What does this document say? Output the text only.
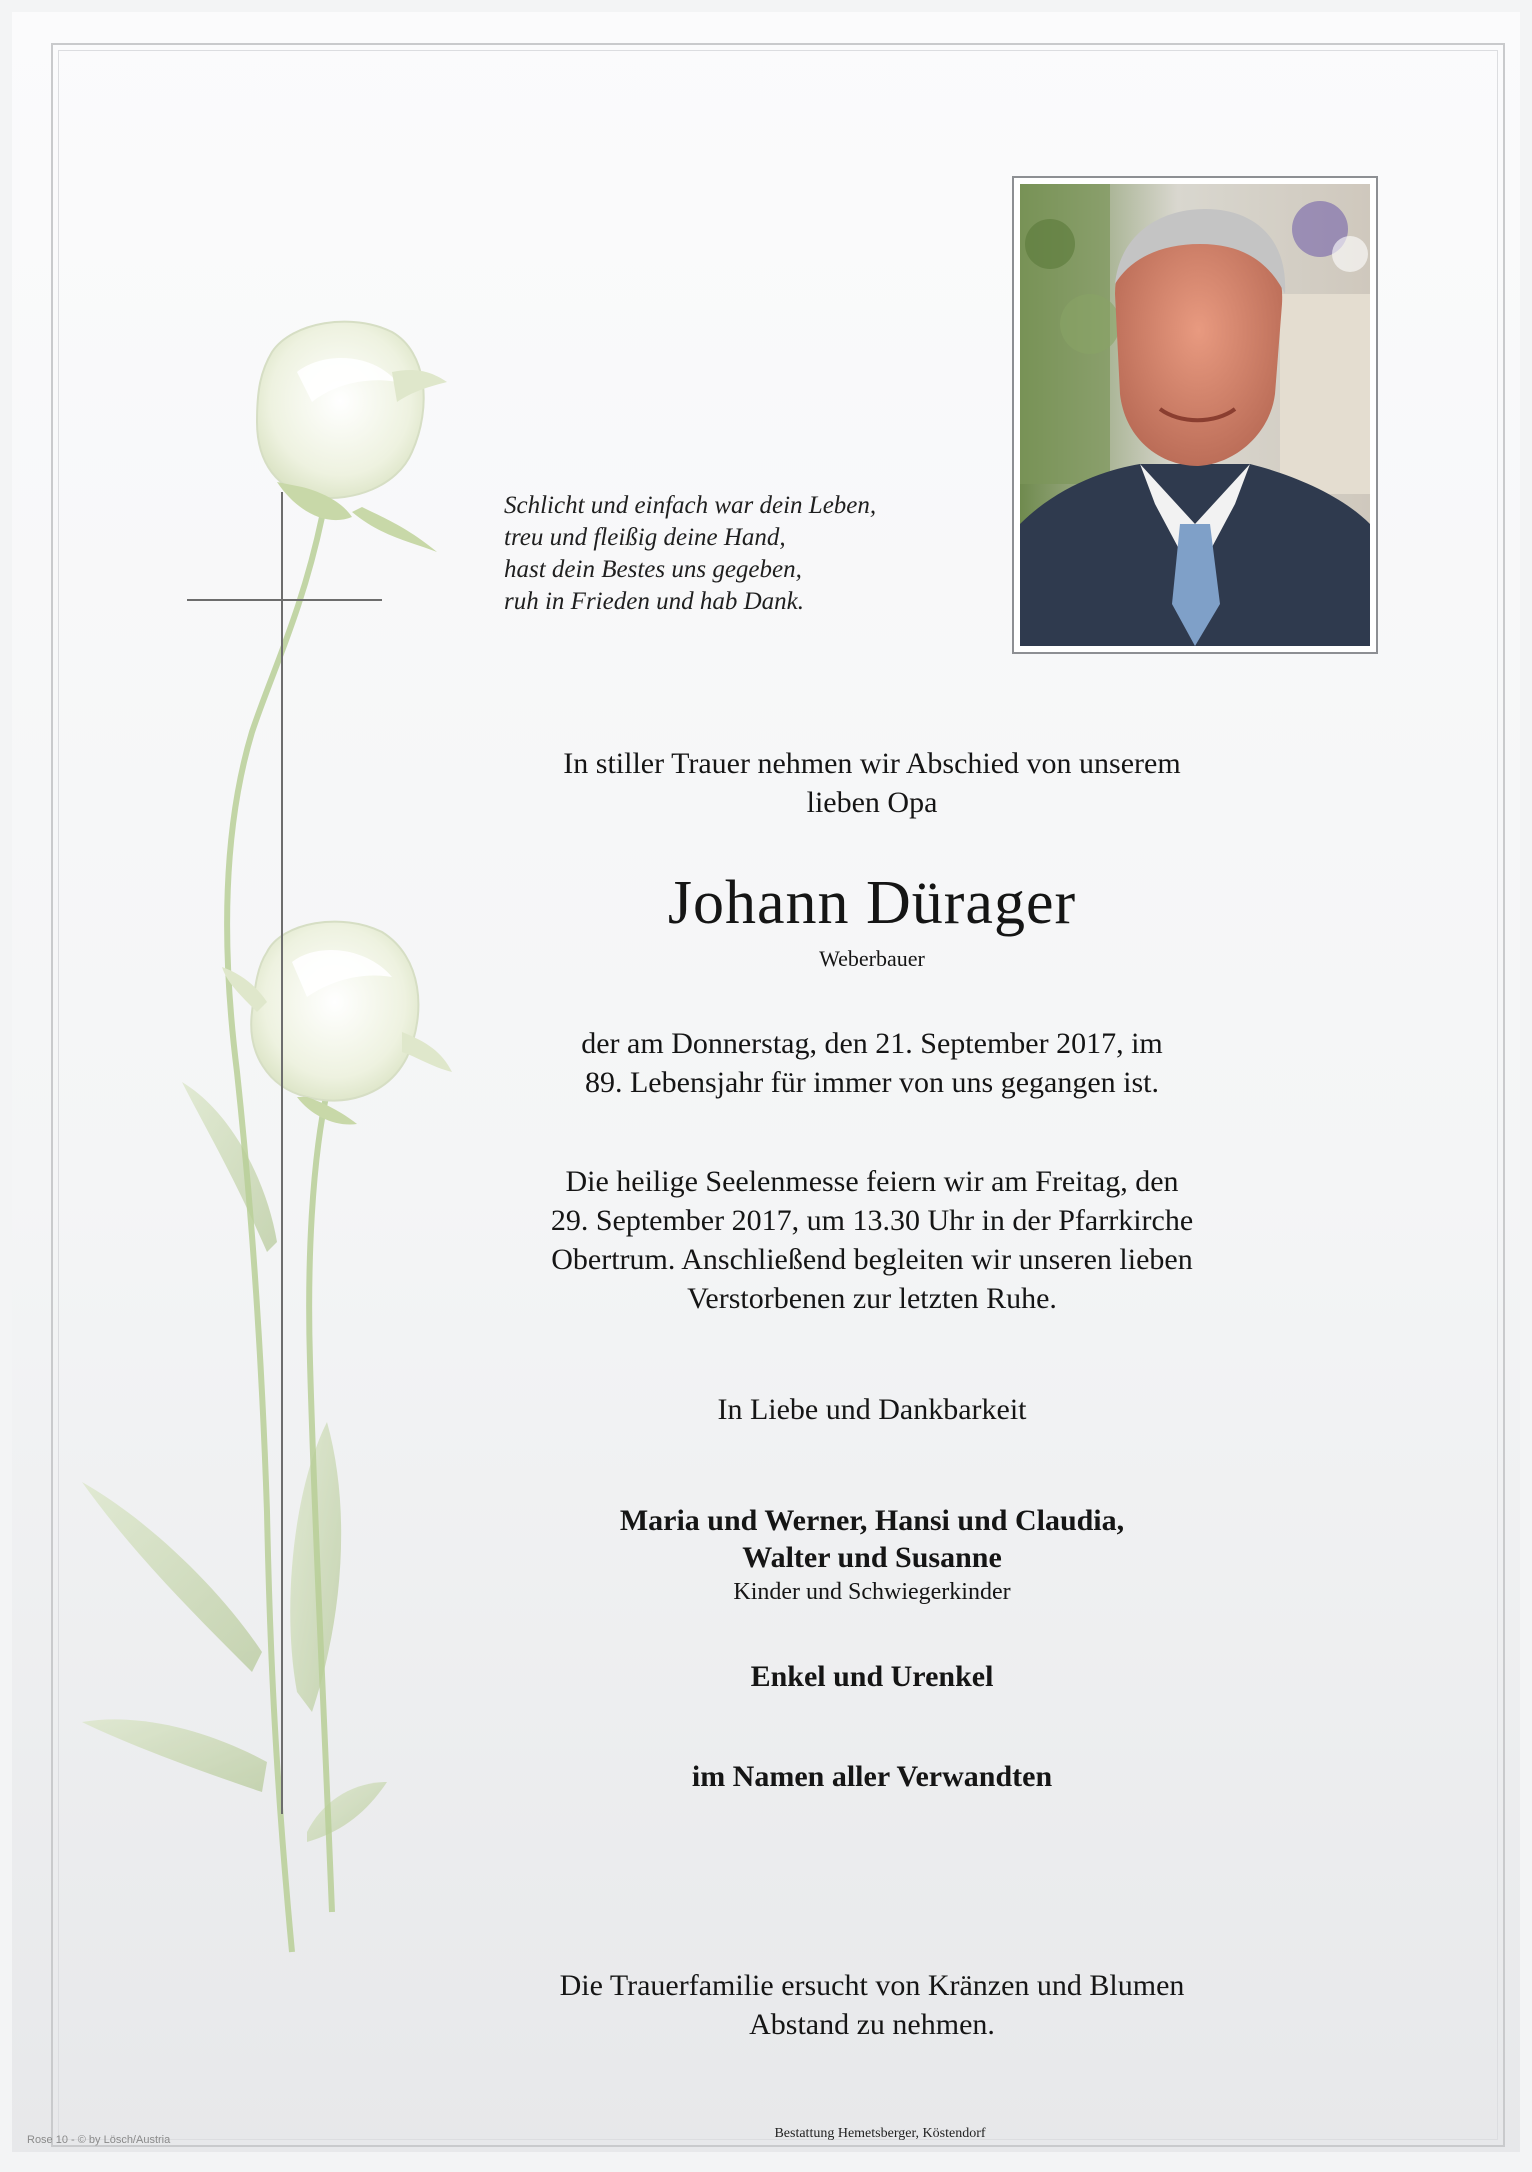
Schlicht und einfach war dein Leben,
treu und fleißig deine Hand,
hast dein Bestes uns gegeben,
ruh in Frieden und hab Dank.
In stiller Trauer nehmen wir Abschied von unserem
lieben Opa
Johann Dürager
Weberbauer
der am Donnerstag, den 21. September 2017, im
89. Lebensjahr für immer von uns gegangen ist.
Die heilige Seelenmesse feiern wir am Freitag, den
29. September 2017, um 13.30 Uhr in der Pfarrkirche
Obertrum. Anschließend begleiten wir unseren lieben
Verstorbenen zur letzten Ruhe.
In Liebe und Dankbarkeit
Maria und Werner, Hansi und Claudia,
Walter und Susanne
Kinder und Schwiegerkinder
Enkel und Urenkel
im Namen aller Verwandten
Die Trauerfamilie ersucht von Kränzen und Blumen
Abstand zu nehmen.
Rose 10 - © by Lösch/Austria	Bestattung Hemetsberger, Köstendorf
